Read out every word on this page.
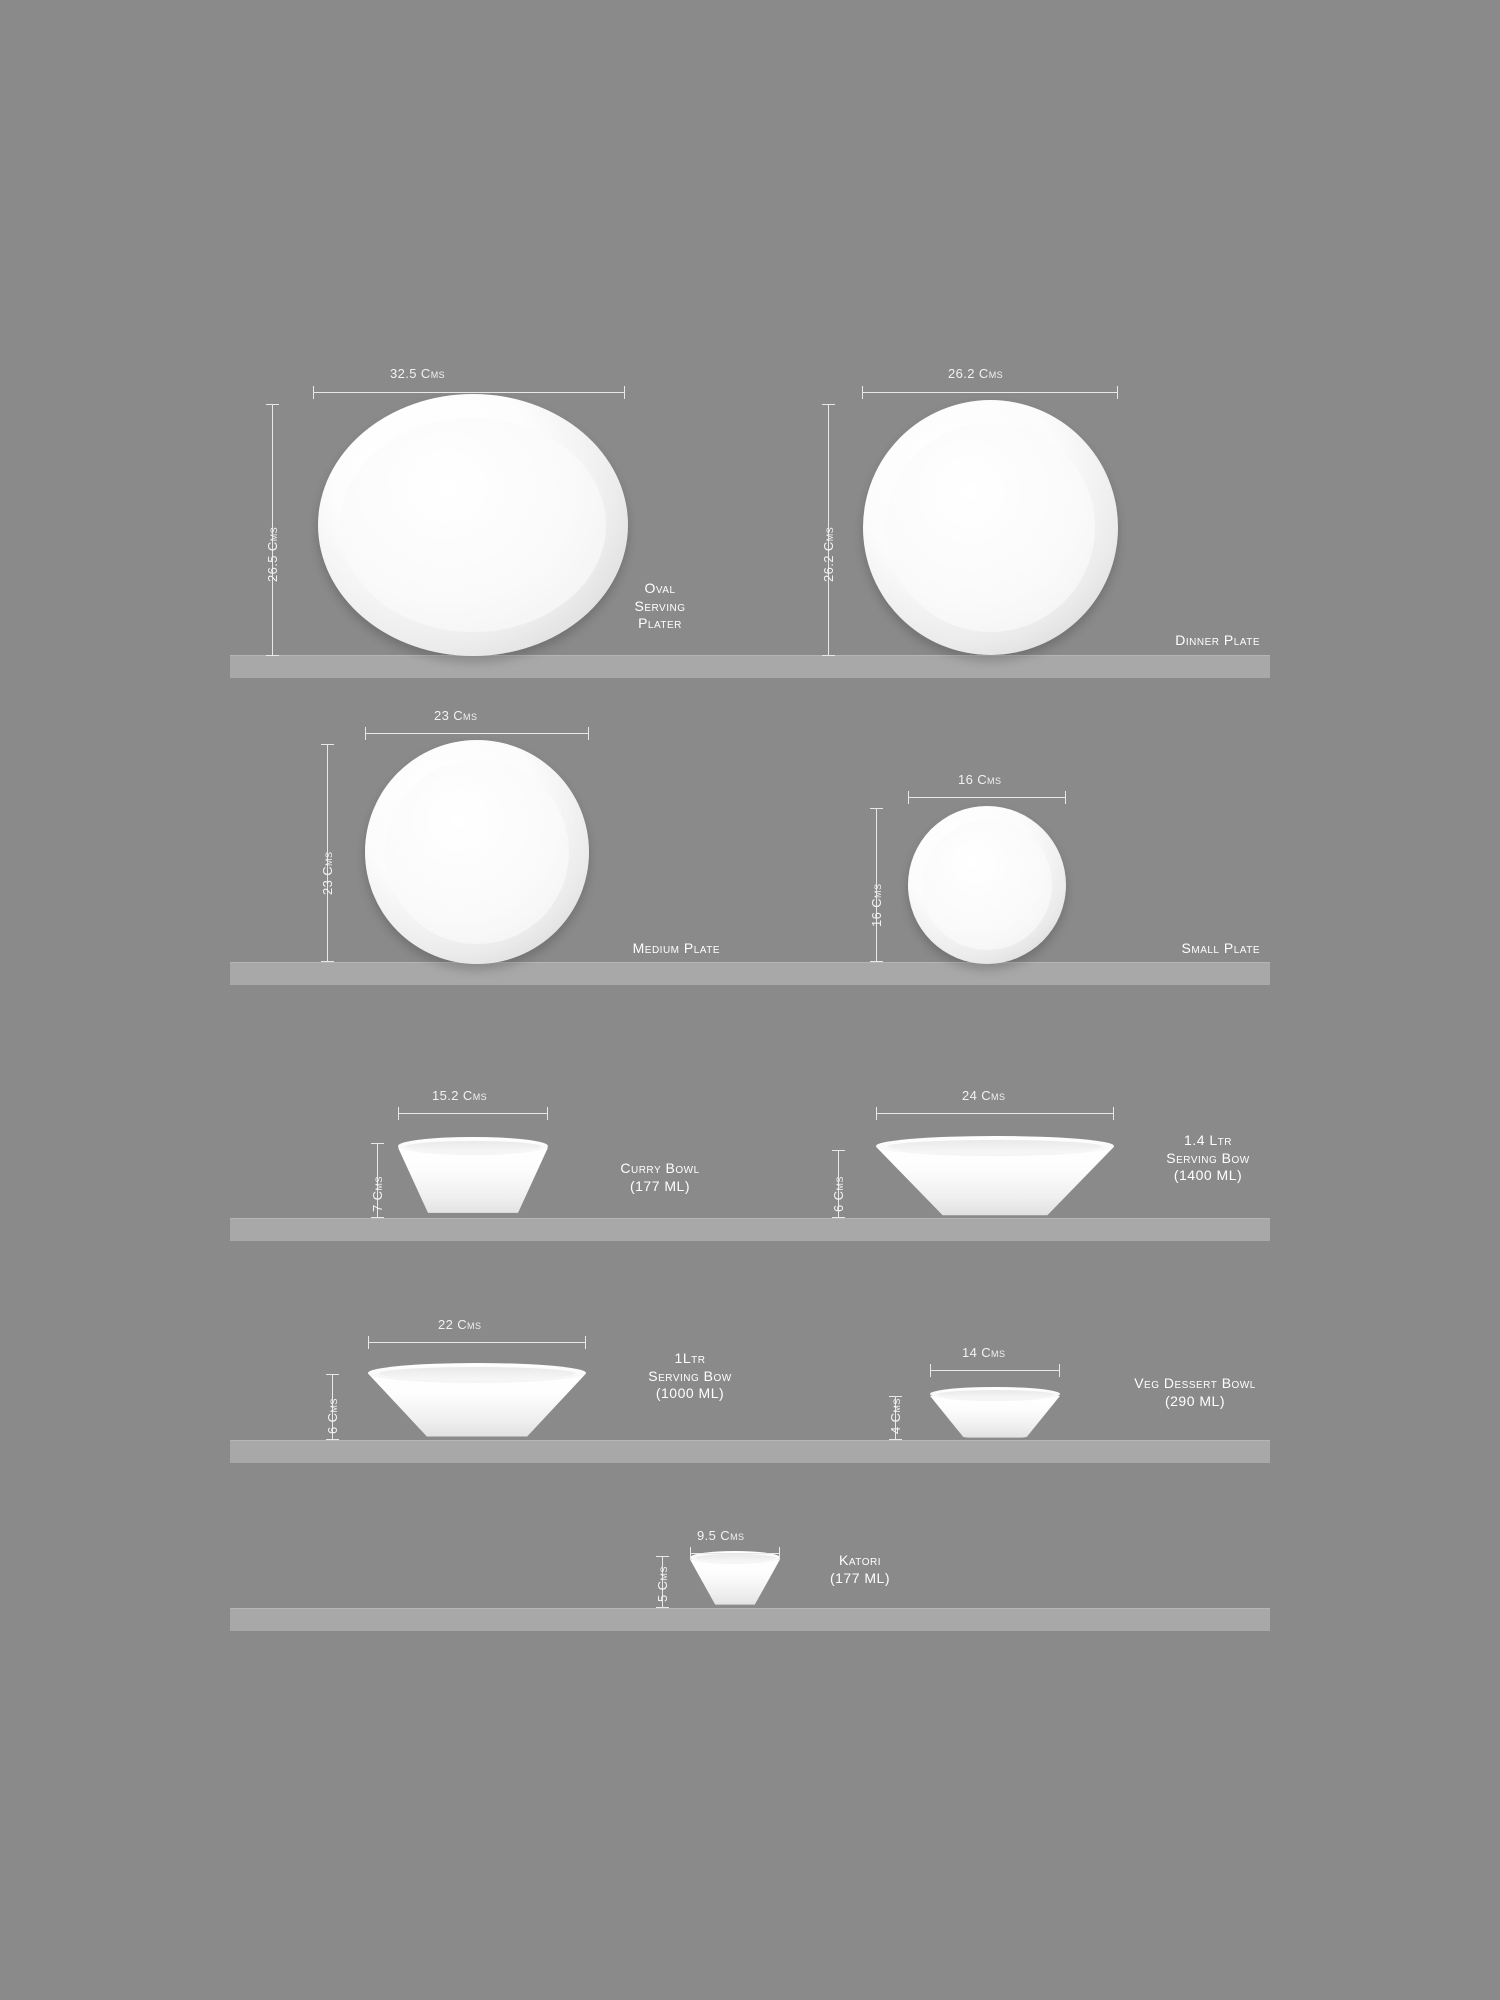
32.5 Cms
26.5 Cms
Oval
Serving
Plater
26.2 Cms
26.2 Cms
Dinner Plate
23 Cms
23 Cms
Medium Plate
16 Cms
16 Cms
Small Plate
15.2 Cms
7 Cms
Curry Bowl
(177 ML)
24 Cms
6 Cms
1.4 Ltr
Serving Bow
(1400 ML)
22 Cms
6 Cms
1Ltr
Serving Bow
(1000 ML)
14 Cms
4 Cms
Veg Dessert Bowl
(290 ML)
9.5 Cms
5 Cms
Katori
(177 ML)
